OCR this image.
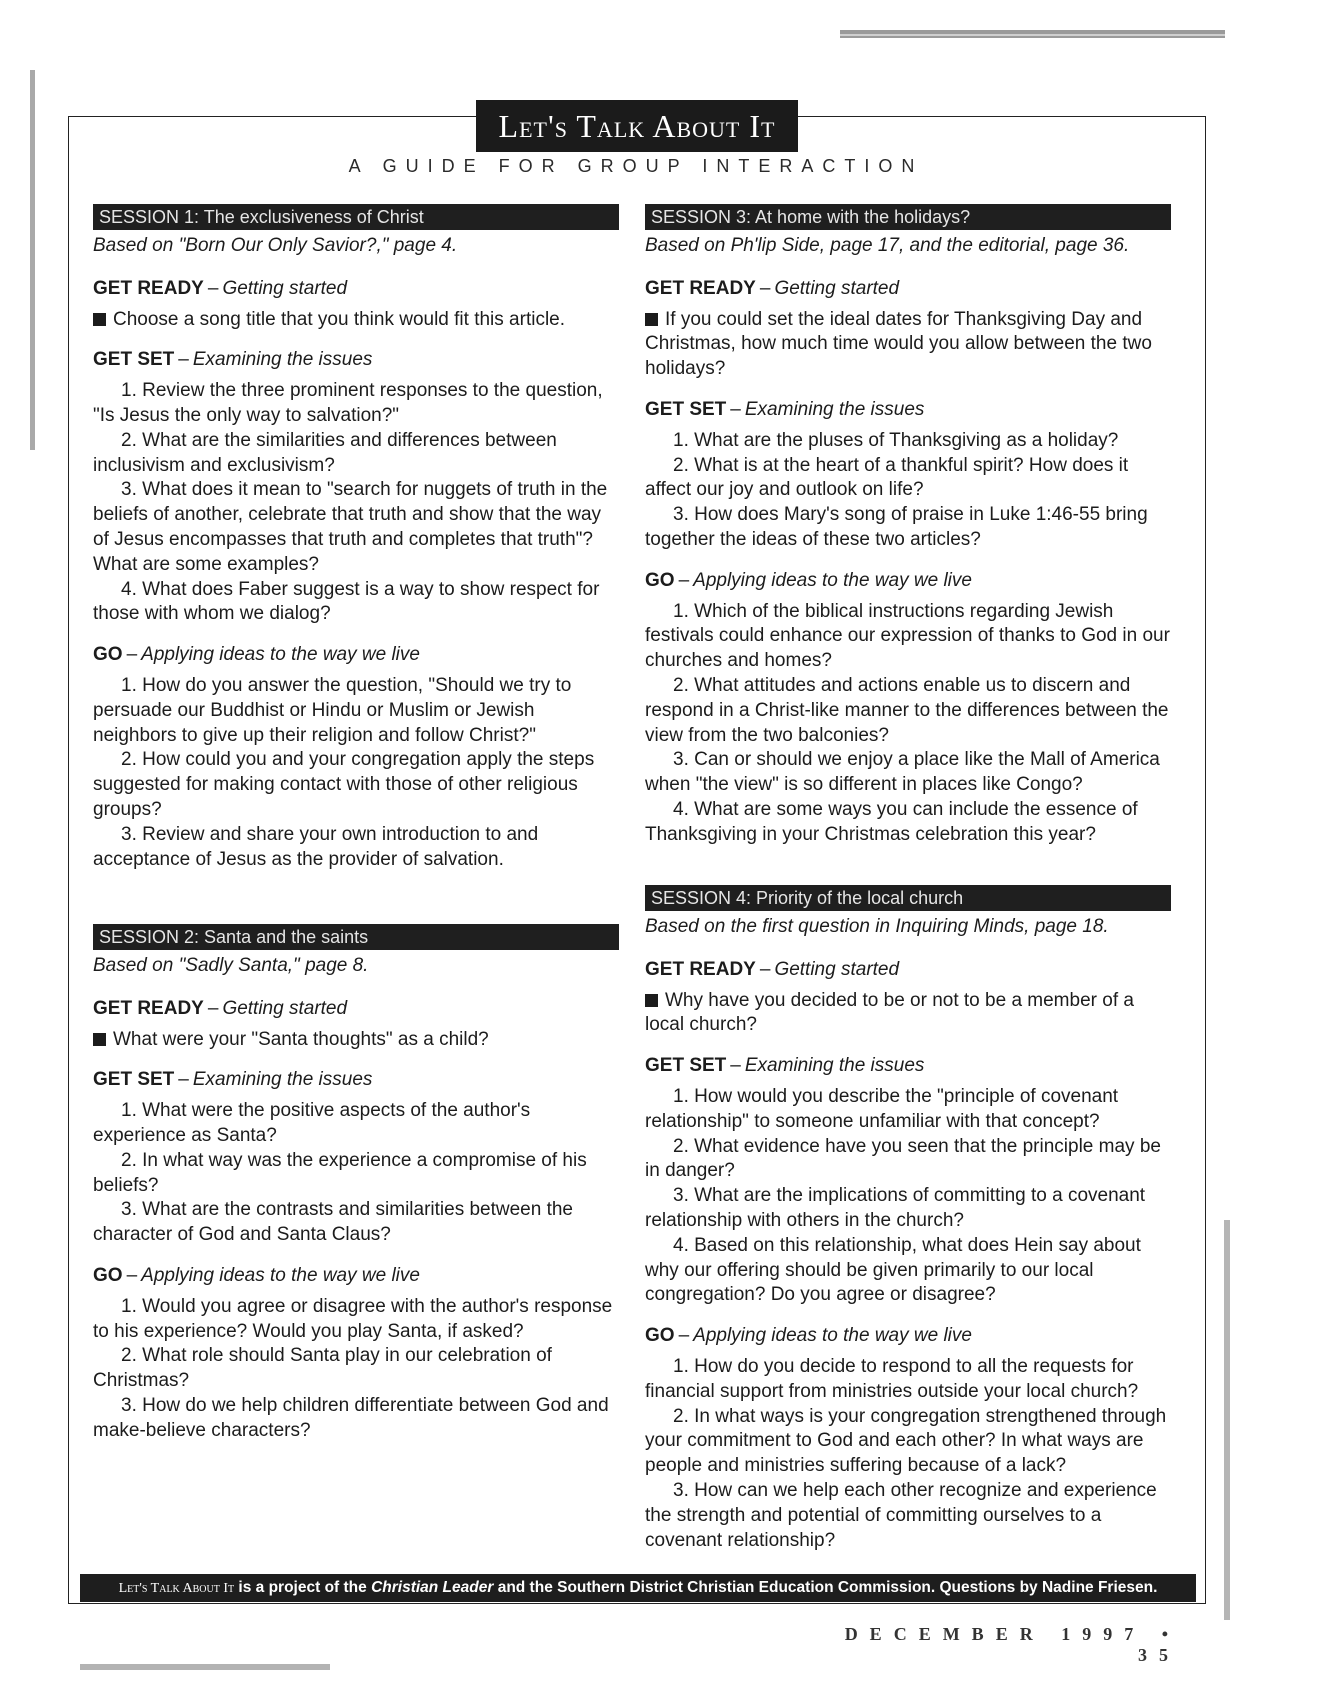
Let's Talk About It
A GUIDE FOR GROUP INTERACTION
SESSION 1: The exclusiveness of Christ
Based on "Born Our Only Savior?," page 4.
GET READY – Getting started

Choose a song title that you think would fit this article.

GET SET – Examining the issues

1. Review the three prominent responses to the question, "Is Jesus the only way to salvation?"

2. What are the similarities and differences between inclusivism and exclusivism?

3. What does it mean to "search for nuggets of truth in the beliefs of another, celebrate that truth and show that the way of Jesus encompasses that truth and completes that truth"? What are some examples?

4. What does Faber suggest is a way to show respect for those with whom we dialog?

GO – Applying ideas to the way we live

1. How do you answer the question, "Should we try to persuade our Buddhist or Hindu or Muslim or Jewish neighbors to give up their religion and follow Christ?"

2. How could you and your congregation apply the steps suggested for making contact with those of other religious groups?

3. Review and share your own introduction to and acceptance of Jesus as the provider of salvation.

SESSION 3: At home with the holidays?
Based on Ph'lip Side, page 17, and the editorial, page 36.
GET READY – Getting started

If you could set the ideal dates for Thanksgiving Day and Christmas, how much time would you allow between the two holidays?

GET SET – Examining the issues

1. What are the pluses of Thanksgiving as a holiday?

2. What is at the heart of a thankful spirit? How does it affect our joy and outlook on life?

3. How does Mary's song of praise in Luke 1:46-55 bring together the ideas of these two articles?

GO – Applying ideas to the way we live

1. Which of the biblical instructions regarding Jewish festivals could enhance our expression of thanks to God in our churches and homes?

2. What attitudes and actions enable us to discern and respond in a Christ-like manner to the differences between the view from the two balconies?

3. Can or should we enjoy a place like the Mall of America when "the view" is so different in places like Congo?

4. What are some ways you can include the essence of Thanksgiving in your Christmas celebration this year?

SESSION 4: Priority of the local church
Based on the first question in Inquiring Minds, page 18.
GET READY – Getting started

Why have you decided to be or not to be a member of a local church?

GET SET – Examining the issues

1. How would you describe the "principle of covenant relationship" to someone unfamiliar with that concept?

2. What evidence have you seen that the principle may be in danger?

3. What are the implications of committing to a covenant relationship with others in the church?

4. Based on this relationship, what does Hein say about why our offering should be given primarily to our local congregation? Do you agree or disagree?

GO – Applying ideas to the way we live

1. How do you decide to respond to all the requests for financial support from ministries outside your local church?

2. In what ways is your congregation strengthened through your commitment to God and each other? In what ways are people and ministries suffering because of a lack?

3. How can we help each other recognize and experience the strength and potential of committing ourselves to a covenant relationship?

SESSION 2: Santa and the saints
Based on "Sadly Santa," page 8.
GET READY – Getting started

What were your "Santa thoughts" as a child?

GET SET – Examining the issues

1. What were the positive aspects of the author's experience as Santa?

2. In what way was the experience a compromise of his beliefs?

3. What are the contrasts and similarities between the character of God and Santa Claus?

GO – Applying ideas to the way we live

1. Would you agree or disagree with the author's response to his experience? Would you play Santa, if asked?

2. What role should Santa play in our celebration of Christmas?

3. How do we help children differentiate between God and make-believe characters?

Let's Talk About It is a project of the Christian Leader and the Southern District Christian Education Commission. Questions by Nadine Friesen.
DECEMBER 1997 • 35
